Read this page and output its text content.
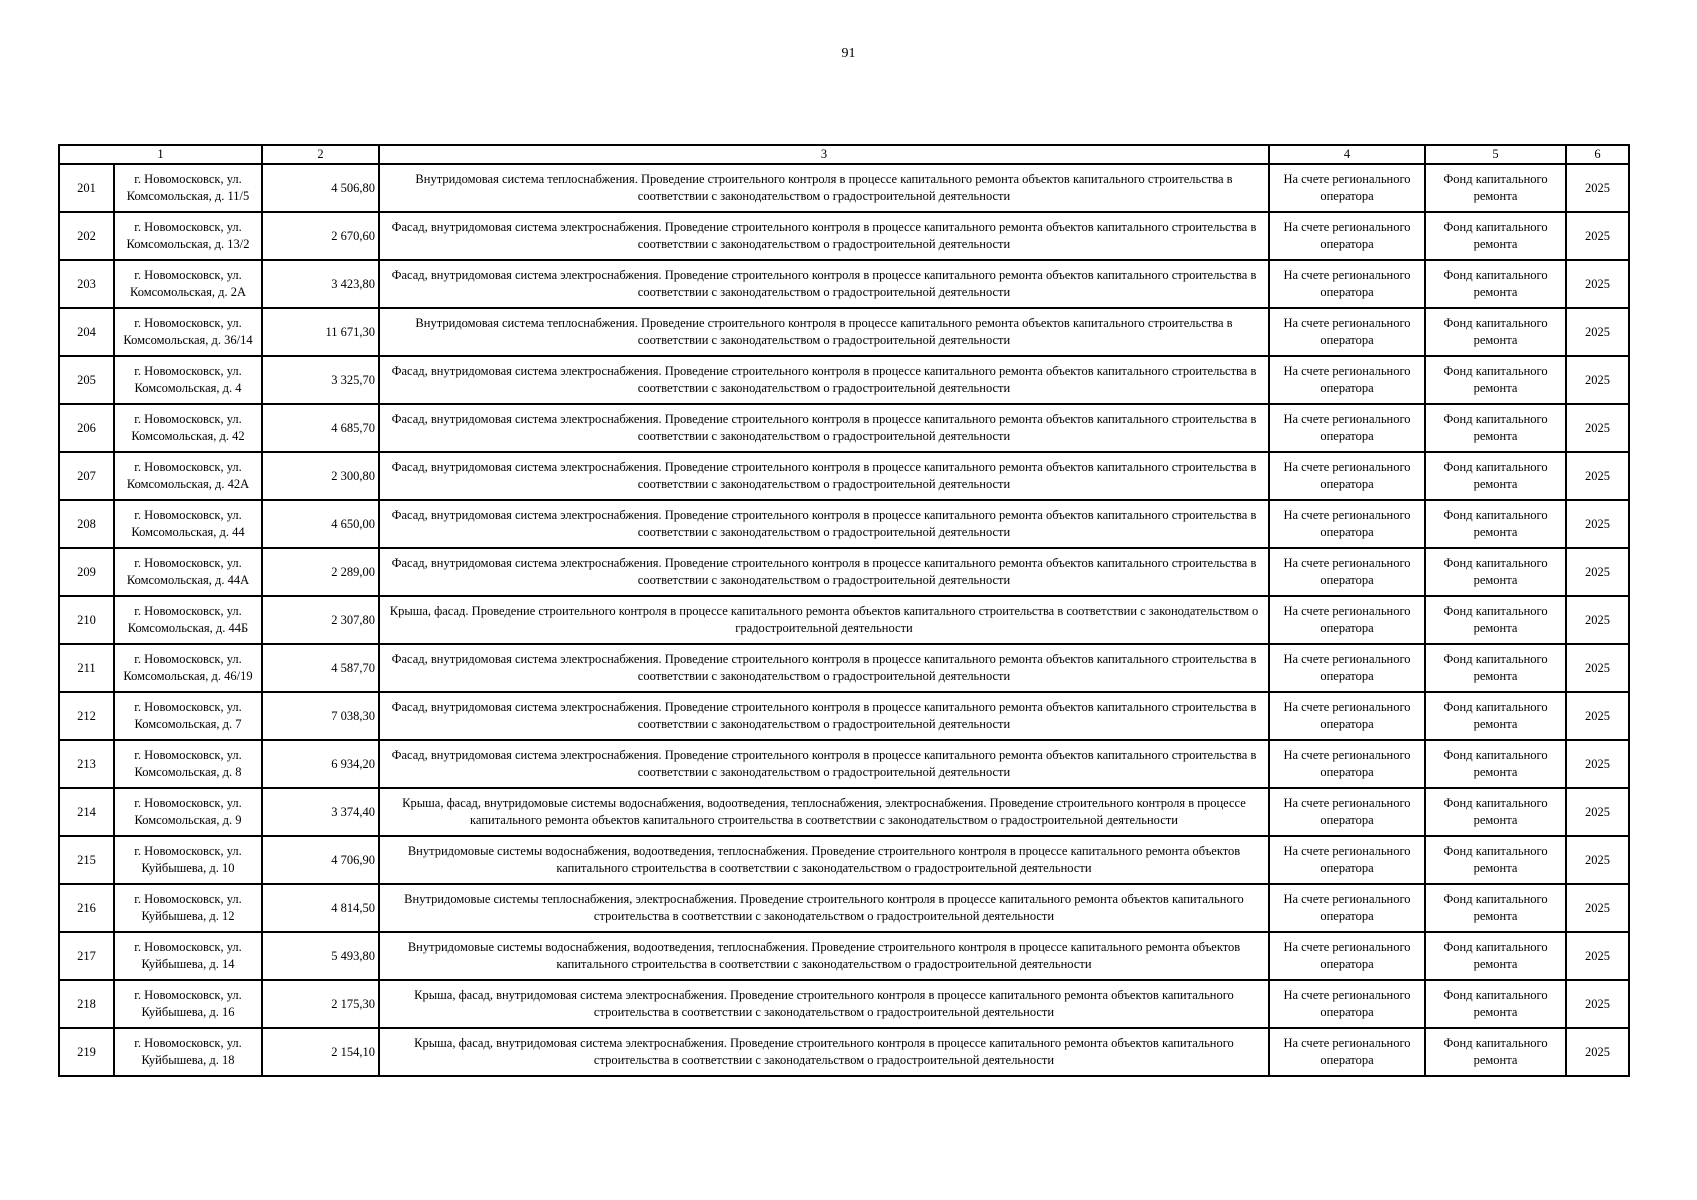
91
1		2	3	4	5	6
201	г. Новомосковск, ул. Комсомольская, д. 11/5	4 506,80	Внутридомовая система теплоснабжения. Проведение строительного контроля в процессе капитального ремонта объектов капитального строительства в соответствии с законодательством о градостроительной деятельности	На счете регионального оператора	Фонд капитального ремонта	2025
202	г. Новомосковск, ул. Комсомольская, д. 13/2	2 670,60	Фасад, внутридомовая система электроснабжения. Проведение строительного контроля в процессе капитального ремонта объектов капитального строительства в соответствии с законодательством о градостроительной деятельности	На счете регионального оператора	Фонд капитального ремонта	2025
203	г. Новомосковск, ул. Комсомольская, д. 2А	3 423,80	Фасад, внутридомовая система электроснабжения. Проведение строительного контроля в процессе капитального ремонта объектов капитального строительства в соответствии с законодательством о градостроительной деятельности	На счете регионального оператора	Фонд капитального ремонта	2025
204	г. Новомосковск, ул. Комсомольская, д. 36/14	11 671,30	Внутридомовая система теплоснабжения. Проведение строительного контроля в процессе капитального ремонта объектов капитального строительства в соответствии с законодательством о градостроительной деятельности	На счете регионального оператора	Фонд капитального ремонта	2025
205	г. Новомосковск, ул. Комсомольская, д. 4	3 325,70	Фасад, внутридомовая система электроснабжения. Проведение строительного контроля в процессе капитального ремонта объектов капитального строительства в соответствии с законодательством о градостроительной деятельности	На счете регионального оператора	Фонд капитального ремонта	2025
206	г. Новомосковск, ул. Комсомольская, д. 42	4 685,70	Фасад, внутридомовая система электроснабжения. Проведение строительного контроля в процессе капитального ремонта объектов капитального строительства в соответствии с законодательством о градостроительной деятельности	На счете регионального оператора	Фонд капитального ремонта	2025
207	г. Новомосковск, ул. Комсомольская, д. 42А	2 300,80	Фасад, внутридомовая система электроснабжения. Проведение строительного контроля в процессе капитального ремонта объектов капитального строительства в соответствии с законодательством о градостроительной деятельности	На счете регионального оператора	Фонд капитального ремонта	2025
208	г. Новомосковск, ул. Комсомольская, д. 44	4 650,00	Фасад, внутридомовая система электроснабжения. Проведение строительного контроля в процессе капитального ремонта объектов капитального строительства в соответствии с законодательством о градостроительной деятельности	На счете регионального оператора	Фонд капитального ремонта	2025
209	г. Новомосковск, ул. Комсомольская, д. 44А	2 289,00	Фасад, внутридомовая система электроснабжения. Проведение строительного контроля в процессе капитального ремонта объектов капитального строительства в соответствии с законодательством о градостроительной деятельности	На счете регионального оператора	Фонд капитального ремонта	2025
210	г. Новомосковск, ул. Комсомольская, д. 44Б	2 307,80	Крыша, фасад. Проведение строительного контроля в процессе капитального ремонта объектов капитального строительства в соответствии с законодательством о градостроительной деятельности	На счете регионального оператора	Фонд капитального ремонта	2025
211	г. Новомосковск, ул. Комсомольская, д. 46/19	4 587,70	Фасад, внутридомовая система электроснабжения. Проведение строительного контроля в процессе капитального ремонта объектов капитального строительства в соответствии с законодательством о градостроительной деятельности	На счете регионального оператора	Фонд капитального ремонта	2025
212	г. Новомосковск, ул. Комсомольская, д. 7	7 038,30	Фасад, внутридомовая система электроснабжения. Проведение строительного контроля в процессе капитального ремонта объектов капитального строительства в соответствии с законодательством о градостроительной деятельности	На счете регионального оператора	Фонд капитального ремонта	2025
213	г. Новомосковск, ул. Комсомольская, д. 8	6 934,20	Фасад, внутридомовая система электроснабжения. Проведение строительного контроля в процессе капитального ремонта объектов капитального строительства в соответствии с законодательством о градостроительной деятельности	На счете регионального оператора	Фонд капитального ремонта	2025
214	г. Новомосковск, ул. Комсомольская, д. 9	3 374,40	Крыша, фасад, внутридомовые системы водоснабжения, водоотведения, теплоснабжения, электроснабжения. Проведение строительного контроля в процессе капитального ремонта объектов капитального строительства в соответствии с законодательством о градостроительной деятельности	На счете регионального оператора	Фонд капитального ремонта	2025
215	г. Новомосковск, ул. Куйбышева, д. 10	4 706,90	Внутридомовые системы водоснабжения, водоотведения, теплоснабжения. Проведение строительного контроля в процессе капитального ремонта объектов капитального строительства в соответствии с законодательством о градостроительной деятельности	На счете регионального оператора	Фонд капитального ремонта	2025
216	г. Новомосковск, ул. Куйбышева, д. 12	4 814,50	Внутридомовые системы теплоснабжения, электроснабжения. Проведение строительного контроля в процессе капитального ремонта объектов капитального строительства в соответствии с законодательством о градостроительной деятельности	На счете регионального оператора	Фонд капитального ремонта	2025
217	г. Новомосковск, ул. Куйбышева, д. 14	5 493,80	Внутридомовые системы водоснабжения, водоотведения, теплоснабжения. Проведение строительного контроля в процессе капитального ремонта объектов капитального строительства в соответствии с законодательством о градостроительной деятельности	На счете регионального оператора	Фонд капитального ремонта	2025
218	г. Новомосковск, ул. Куйбышева, д. 16	2 175,30	Крыша, фасад, внутридомовая система электроснабжения. Проведение строительного контроля в процессе капитального ремонта объектов капитального строительства в соответствии с законодательством о градостроительной деятельности	На счете регионального оператора	Фонд капитального ремонта	2025
219	г. Новомосковск, ул. Куйбышева, д. 18	2 154,10	Крыша, фасад, внутридомовая система электроснабжения. Проведение строительного контроля в процессе капитального ремонта объектов капитального строительства в соответствии с законодательством о градостроительной деятельности	На счете регионального оператора	Фонд капитального ремонта	2025
